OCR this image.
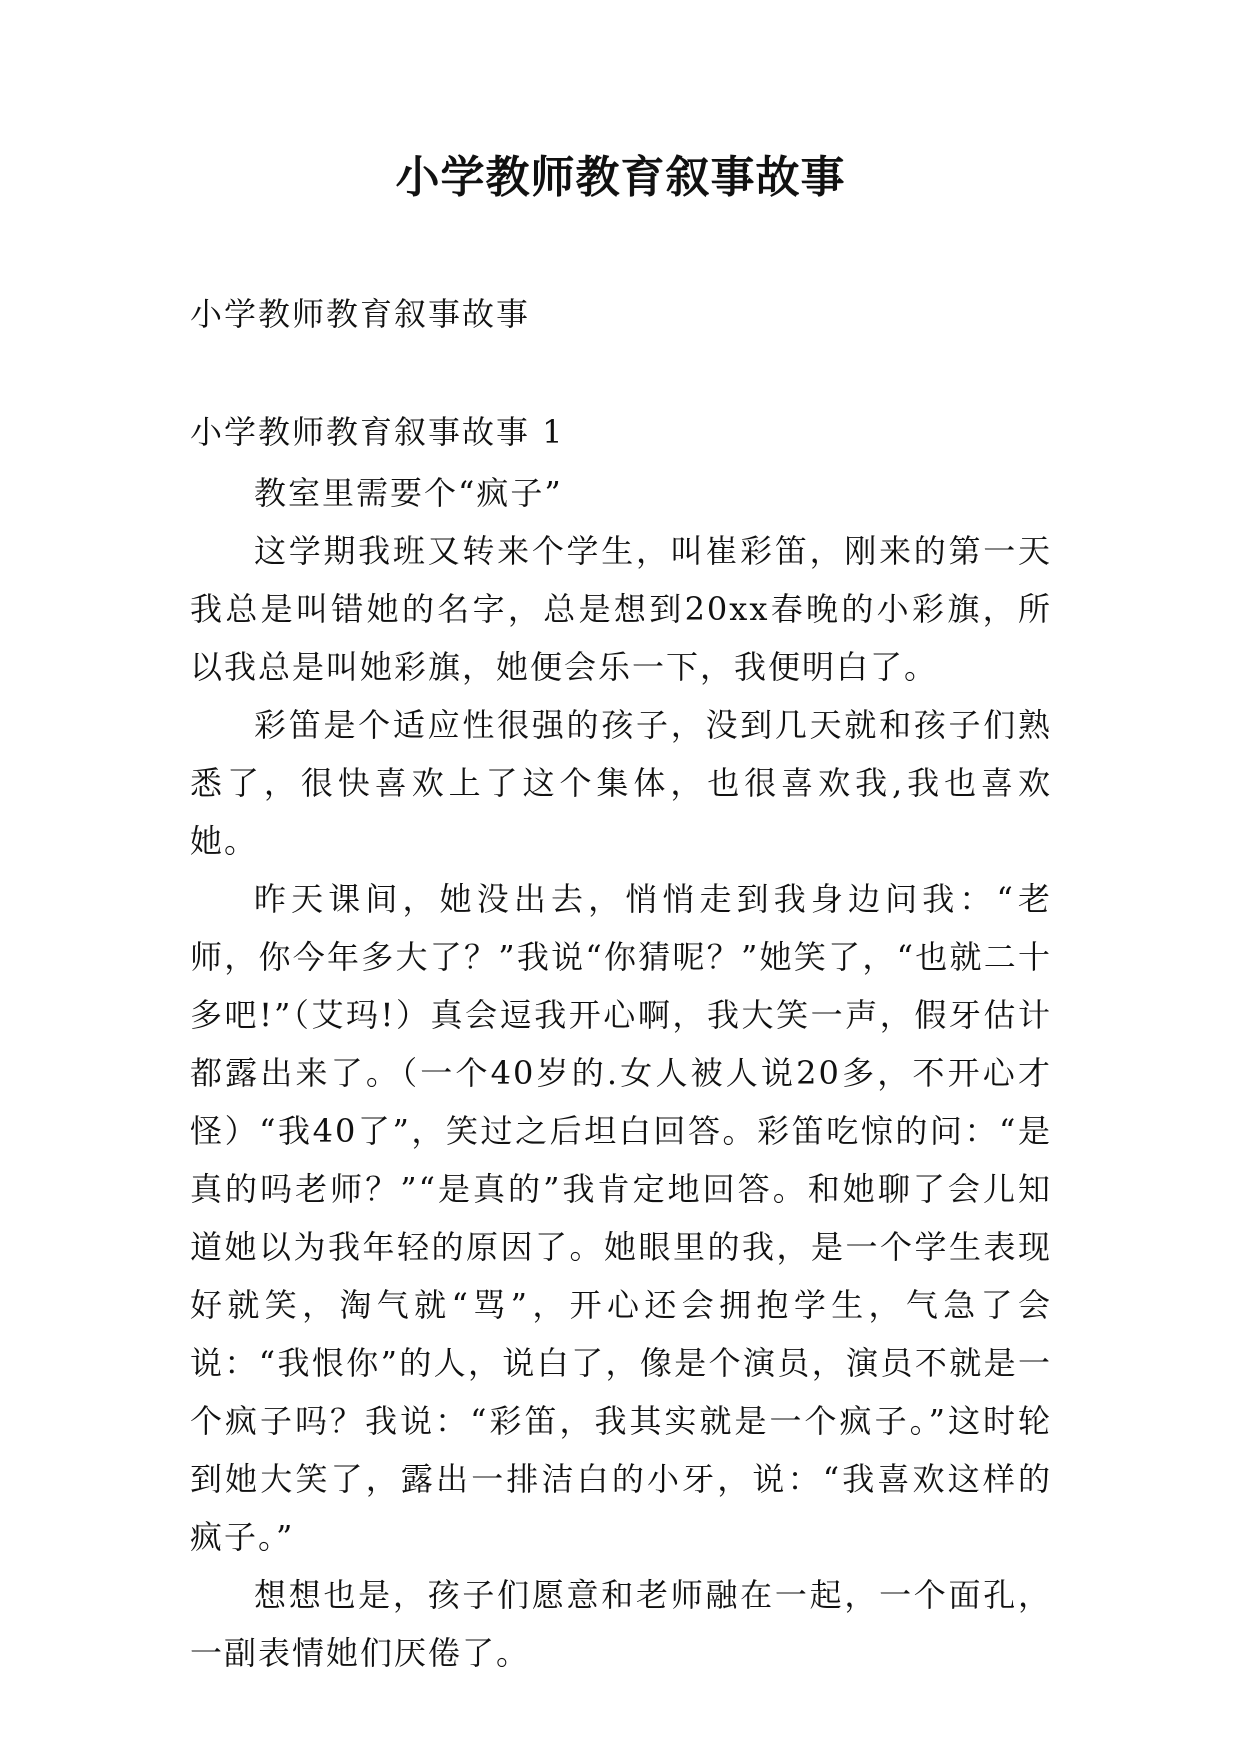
小学教师教育叙事故事

小学教师教育叙事故事

小学教师教育叙事故事 1

教室里需要个“疯子”

这学期我班又转来个学生，叫崔彩笛，刚来的第一天我总是叫错她的名字，总是想到20xx春晚的小彩旗，所以我总是叫她彩旗，她便会乐一下，我便明白了。

彩笛是个适应性很强的孩子，没到几天就和孩子们熟悉了，很快喜欢上了这个集体，也很喜欢我,我也喜欢她。

昨天课间，她没出去，悄悄走到我身边问我：“老师，你今年多大了？”我说“你猜呢？”她笑了，“也就二十多吧!”（艾玛!）真会逗我开心啊，我大笑一声，假牙估计都露出来了。（一个40岁的.女人被人说20多，不开心才怪）“我40了”，笑过之后坦白回答。彩笛吃惊的问：“是真的吗老师？”“是真的”我肯定地回答。和她聊了会儿知道她以为我年轻的原因了。她眼里的我，是一个学生表现好就笑，淘气就“骂”，开心还会拥抱学生，气急了会说：“我恨你”的人，说白了，像是个演员，演员不就是一个疯子吗？我说：“彩笛，我其实就是一个疯子。”这时轮到她大笑了，露出一排洁白的小牙，说：“我喜欢这样的疯子。”

想想也是，孩子们愿意和老师融在一起，一个面孔，一副表情她们厌倦了。
